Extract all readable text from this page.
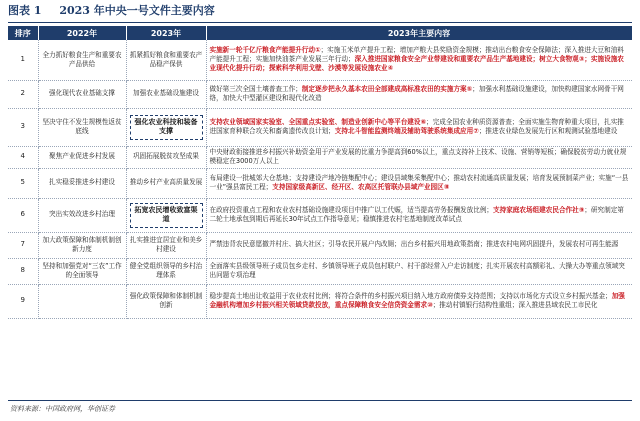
图表 1 2023 年中央一号文件主要内容
排序	2022年	2023年	2023年主要内容
1	全力抓好粮食生产和重要农产品供给	抓紧抓好粮食和重要农产品稳产保供	实施新一轮千亿斤粮食产能提升行动①；实施玉米单产提升工程；增加产粮大县奖励资金规模；推动出台粮食安全保障法；深入推进大豆和油料产能提升工程；实施加快油茶产业发展三年行动；深入推进国家粮食安全产业带建设和重要农产品生产基地建设；树立大食物观③；实施设施农业现代化提升行动；探索科学利用戈壁、沙漠等发展设施农业④
2	强化现代农业基础支撑	加强农业基础设施建设	做好第三次全国土壤普查工作；制定逐步把永久基本农田全部建成高标准农田的实施方案⑤；加强水利基础设施建设，加快构建国家水网骨干网络，加快大中型灌区建设和现代化改造
3	坚决守住不发生规模性返贫底线	强化农业科技和装备支撑	支持农业领域国家实验室、全国重点实验室、制造业创新中心等平台建设⑥；完成全国农业种质资源普查；全面实施生物育种重大项目，扎实推进国家育种联合攻关和畜禽遗传改良计划；支持北斗智能监测终端及辅助驾驶系统集成应用⑦；推进农业绿色发展先行区和观测试验基地建设
4	聚焦产业促进乡村发展	巩固拓展脱贫攻坚成果	中央财政衔接推进乡村振兴补助资金用于产业发展的比重力争提高到60%以上，重点支持补上技术、设施、营销等短板；确保脱贫劳动力就业规模稳定在3000万人以上
5	扎实稳妥推进乡村建设	推动乡村产业高质量发展	布局建设一批城郊大仓基地；支持建设产地冷链集配中心；建设县域集采集配中心；推动农村流通高质量发展；培育发展预制菜产业；实施“一县一业”强县富民工程；支持国家级高新区、经开区、农高区托管联办县域产业园区⑧
6	突出实效改进乡村治理	拓宽农民增收致富渠道	在政府投资重点工程和农业农村基础设施建设项目中推广以工代赈，适当提高劳务报酬发放比例；支持家庭农场组建农民合作社⑨；研究制定第二轮土地承包到期后再延长30年试点工作指导意见；稳慎推进农村宅基地制度改革试点
7	加大政策保障和体制机制创新力度	扎实推进宜居宜业和美乡村建设	严禁违背农民意愿撤并村庄、搞大社区；引导农民开展户内改厕；出台乡村振兴用地政策指南；推进农村电网巩固提升，发展农村可再生能源
8	坚持和加强党对“三农”工作的全面领导	健全党组织领导的乡村治理体系	全面落实县级领导班子成员包乡走村、乡镇领导班子成员包村联户、村干部经常入户走访制度；扎实开展农村高额彩礼、大操大办等重点领域突出问题专项治理
9		强化政策保障和体制机制创新	稳步提高土地出让收益用于农业农村比例；将符合条件的乡村振兴项目纳入地方政府债券支持范围；支持以市场化方式设立乡村振兴基金；加强金融机构增加乡村振兴相关领域贷款投放，重点保障粮食安全信贷资金需求⑩；推动村镇银行结构性重组；深入推进县域农民工市民化
资料来源：中国政府网，华创证券
